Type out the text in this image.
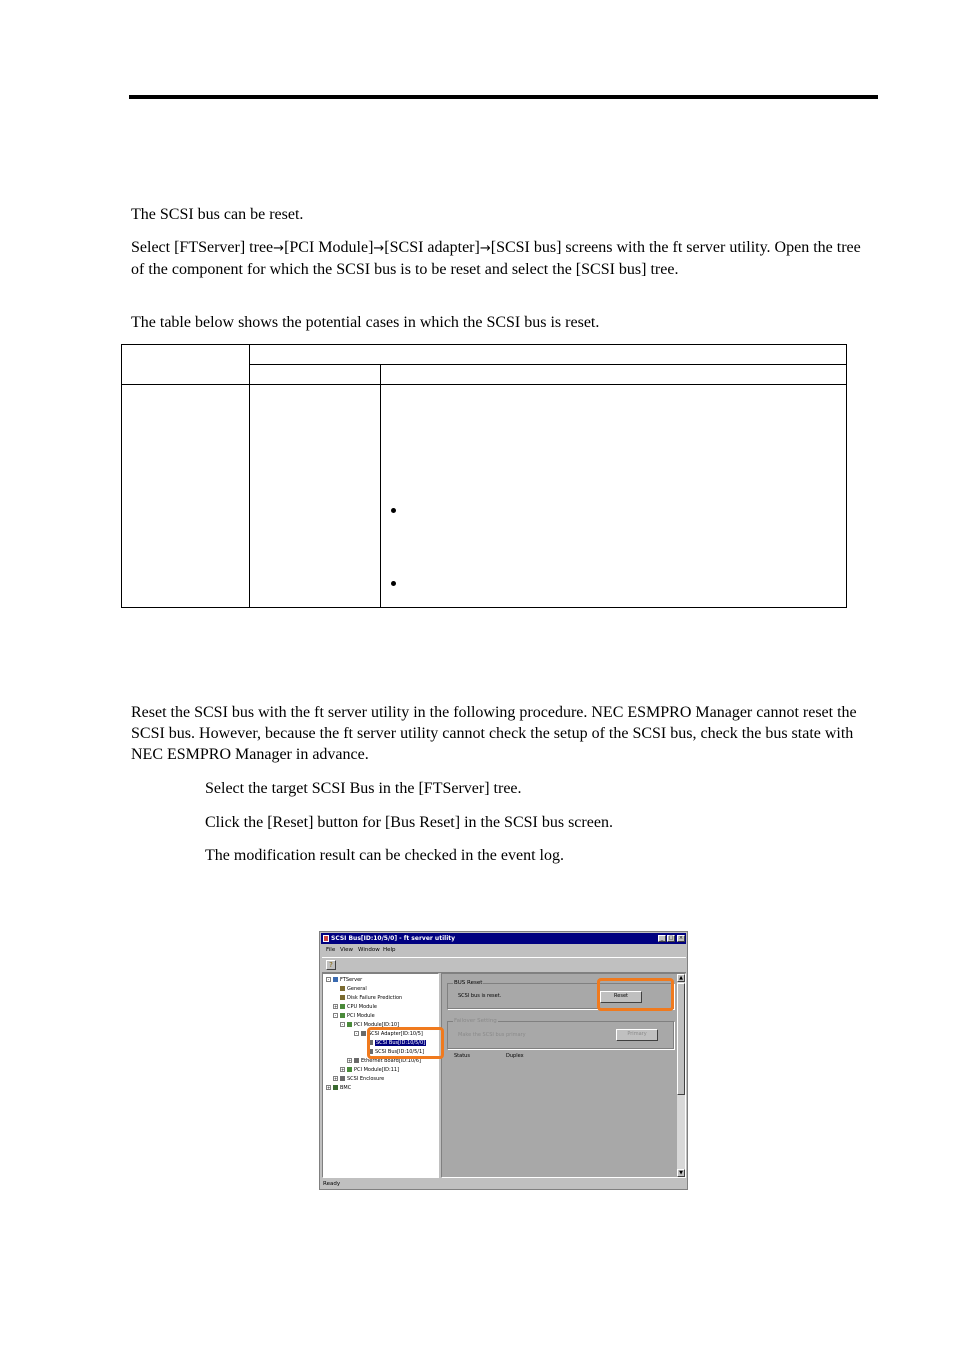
The SCSI bus can be reset.

Select [FTServer] tree→[PCI Module]→[SCSI adapter]→[SCSI bus] screens with the ft server utility. Open the tree of the component for which the SCSI bus is to be reset and select the [SCSI bus] tree.

The table below shows the potential cases in which the SCSI bus is reset.

Reset the SCSI bus with the ft server utility in the following procedure. NEC ESMPRO Manager cannot reset the SCSI bus. However, because the ft server utility cannot check the setup of the SCSI bus, check the bus state with NEC ESMPRO Manager in advance.

Select the target SCSI Bus in the [FTServer] tree.

Click the [Reset] button for [Bus Reset] in the SCSI bus screen.

The modification result can be checked in the event log.

SCSI Bus[ID:10/5/0] - ft server utility	_	□	×
File View Window Help
?
- FTServer
General
Disk Failure Prediction
+ CPU Module
- PCI Module
- PCI Module[ID:10]
- SCSI Adapter[ID:10/5]
SCSI Bus[ID:10/5/0]
SCSI Bus[ID:10/5/1]
+ Ethernet Board[ID:10/6]
+ PCI Module[ID:11]
+ SCSI Enclosure
+ BMC
BUS Reset
SCSI bus is reset.	Reset
Failover Setting
Make the SCSI bus primary	Primary
Status	Duplex
▲
▼
Ready
